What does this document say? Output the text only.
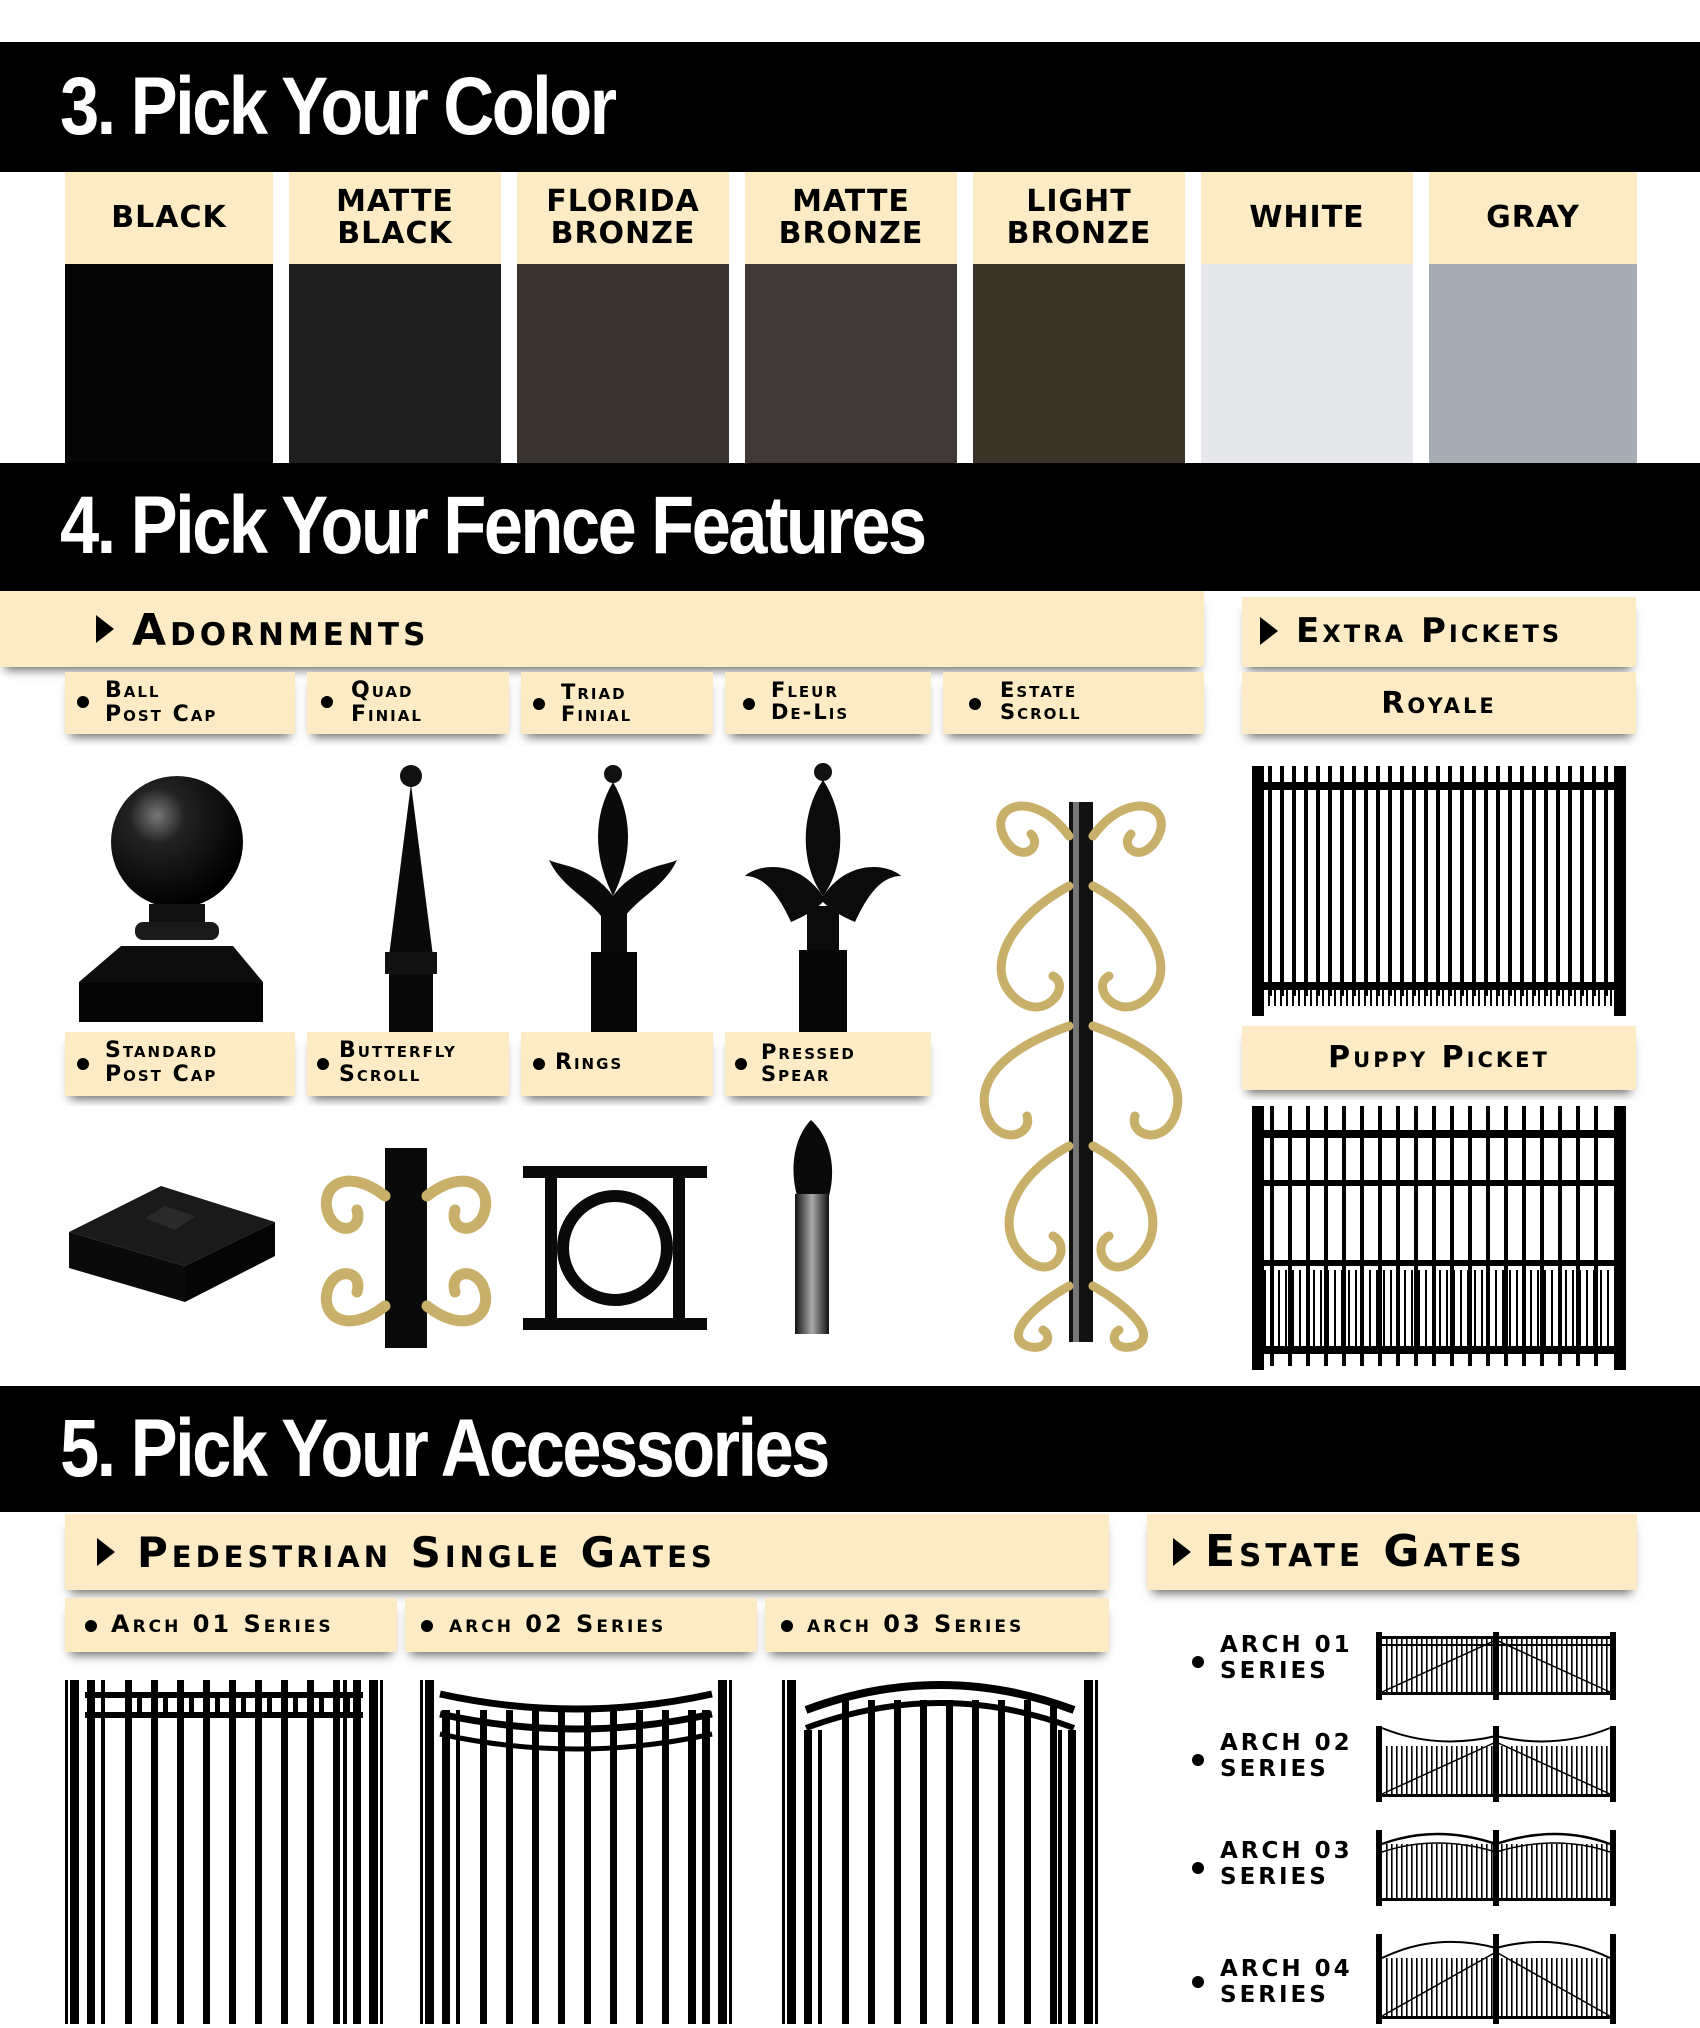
3. Pick Your Color
BLACK	MATTE
BLACK
FLORIDA
BRONZE
MATTE
BRONZE
LIGHT
BRONZE	WHITE	GRAY
4. Pick Your Fence Features
Adornments	Extra Pickets
Ball
Post Cap
Quad
Finial
Triad
Finial
Fleur
De-Lis
Estate
Scroll
Standard
Post Cap
Butterfly
Scroll	Rings	Pressed
Spear
Royale
Puppy Picket
5. Pick Your Accessories
Pedestrian Single Gates	Estate Gates
Arch 01 Series	arch 02 Series	arch 03 Series
ARCH 01
SERIES
ARCH 02
SERIES
ARCH 03
SERIES
ARCH 04
SERIES
